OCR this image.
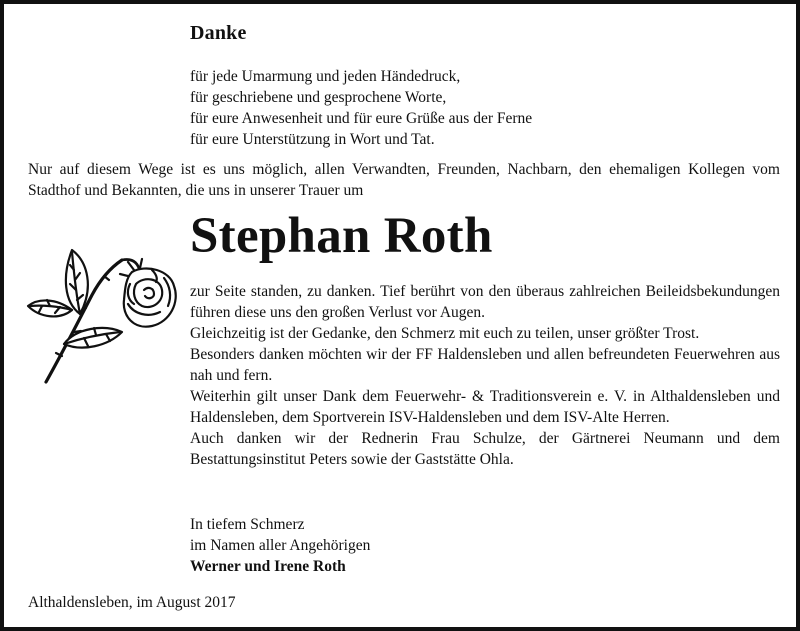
Danke
für jede Umarmung und jeden Händedruck,
für geschriebene und gesprochene Worte,
für eure Anwesenheit und für eure Grüße aus der Ferne
für eure Unterstützung in Wort und Tat.
Nur auf diesem Wege ist es uns möglich, allen Verwandten, Freunden, Nachbarn, den ehemaligen Kollegen vom Stadthof und Bekannten, die uns in unserer Trauer um
Stephan Roth

zur Seite standen, zu danken. Tief berührt von den überaus zahlreichen Beileidsbekundungen führen diese uns den großen Verlust vor Augen.

Gleichzeitig ist der Gedanke, den Schmerz mit euch zu teilen, unser größter Trost.

Besonders danken möchten wir der FF Haldensleben und allen befreundeten Feuerwehren aus nah und fern.

Weiterhin gilt unser Dank dem Feuerwehr- & Traditionsverein e. V. in Althaldensleben und Haldensleben, dem Sportverein ISV-Haldensleben und dem ISV-Alte Herren.

Auch danken wir der Rednerin Frau Schulze, der Gärtnerei Neumann und dem Bestattungsinstitut Peters sowie der Gaststätte Ohla.

In tiefem Schmerz
im Namen aller Angehörigen
Werner und Irene Roth
Althaldensleben, im August 2017
